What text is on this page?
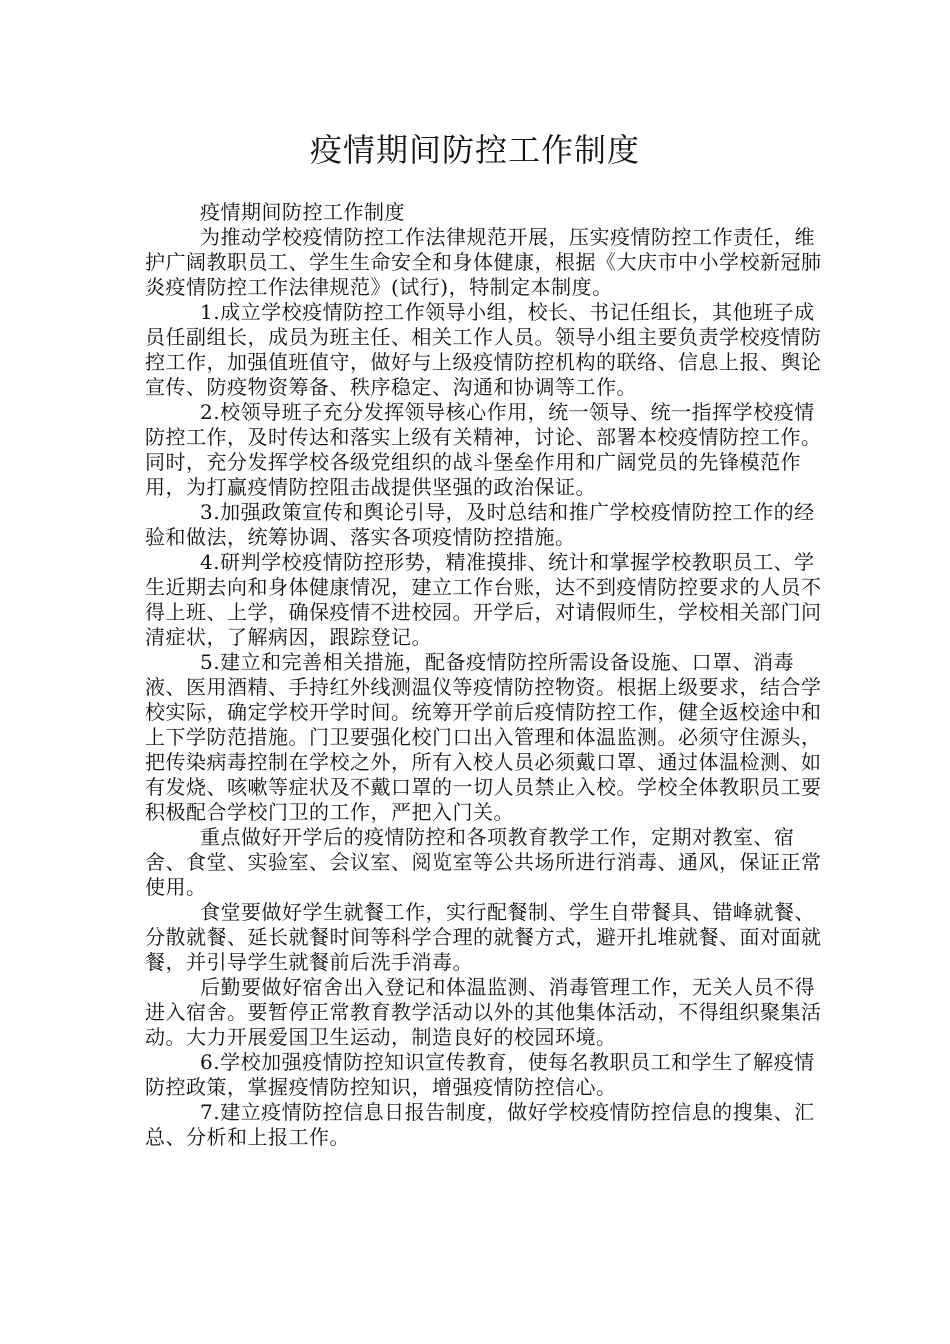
疫情期间防控工作制度

疫情期间防控工作制度

为推动学校疫情防控工作法律规范开展，压实疫情防控工作责任，维护广阔教职员工、学生生命安全和身体健康，根据《大庆市中小学校新冠肺炎疫情防控工作法律规范》(试行)，特制定本制度。

1.成立学校疫情防控工作领导小组，校长、书记任组长，其他班子成员任副组长，成员为班主任、相关工作人员。领导小组主要负责学校疫情防控工作，加强值班值守，做好与上级疫情防控机构的联络、信息上报、舆论宣传、防疫物资筹备、秩序稳定、沟通和协调等工作。

2.校领导班子充分发挥领导核心作用，统一领导、统一指挥学校疫情防控工作，及时传达和落实上级有关精神，讨论、部署本校疫情防控工作。同时，充分发挥学校各级党组织的战斗堡垒作用和广阔党员的先锋模范作用，为打赢疫情防控阻击战提供坚强的政治保证。

3.加强政策宣传和舆论引导，及时总结和推广学校疫情防控工作的经验和做法，统筹协调、落实各项疫情防控措施。

4.研判学校疫情防控形势，精准摸排、统计和掌握学校教职员工、学生近期去向和身体健康情况，建立工作台账，达不到疫情防控要求的人员不得上班、上学，确保疫情不进校园。开学后，对请假师生，学校相关部门问清症状，了解病因，跟踪登记。

5.建立和完善相关措施，配备疫情防控所需设备设施、口罩、消毒液、医用酒精、手持红外线测温仪等疫情防控物资。根据上级要求，结合学校实际，确定学校开学时间。统筹开学前后疫情防控工作，健全返校途中和上下学防范措施。门卫要强化校门口出入管理和体温监测。必须守住源头，把传染病毒控制在学校之外，所有入校人员必须戴口罩、通过体温检测、如有发烧、咳嗽等症状及不戴口罩的一切人员禁止入校。学校全体教职员工要积极配合学校门卫的工作，严把入门关。

重点做好开学后的疫情防控和各项教育教学工作，定期对教室、宿舍、食堂、实验室、会议室、阅览室等公共场所进行消毒、通风，保证正常使用。

食堂要做好学生就餐工作，实行配餐制、学生自带餐具、错峰就餐、分散就餐、延长就餐时间等科学合理的就餐方式，避开扎堆就餐、面对面就餐，并引导学生就餐前后洗手消毒。

后勤要做好宿舍出入登记和体温监测、消毒管理工作，无关人员不得进入宿舍。要暂停正常教育教学活动以外的其他集体活动，不得组织聚集活动。大力开展爱国卫生运动，制造良好的校园环境。

6.学校加强疫情防控知识宣传教育，使每名教职员工和学生了解疫情防控政策，掌握疫情防控知识，增强疫情防控信心。

7.建立疫情防控信息日报告制度，做好学校疫情防控信息的搜集、汇总、分析和上报工作。
